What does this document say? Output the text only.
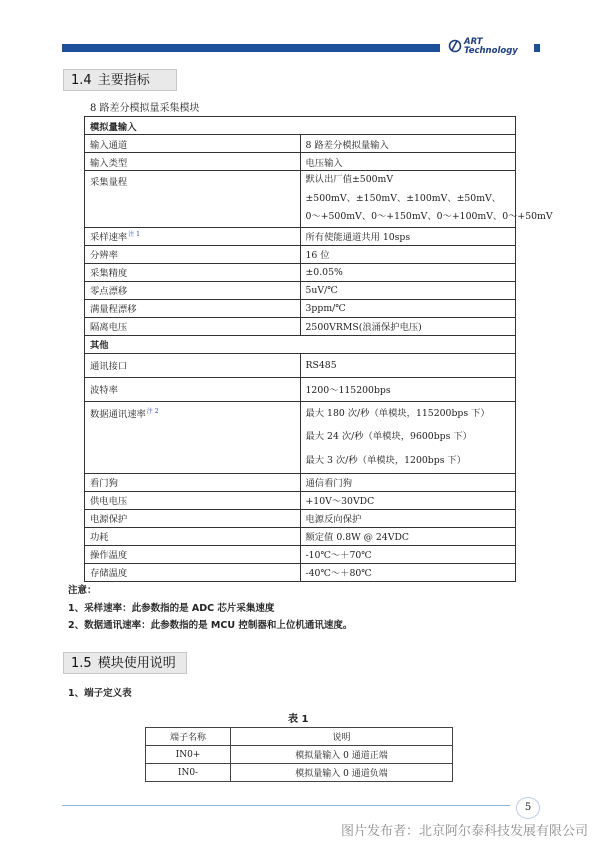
ART
Technology
1.4 主要指标
8 路差分模拟量采集模块
模拟量输入	
输入通道	8 路差分模拟量输入
输入类型	电压输入
采集量程	默认出厂值±500mV
±500mV、±150mV、±100mV、±50mV、
0～+500mV、0～+150mV、0～+100mV、0～+50mV

采样速率$^{注 1}$	所有使能通道共用 10sps
分辨率	16 位
采集精度	±0.05%
零点漂移	5uV/℃
满量程漂移	3ppm/℃
隔离电压	2500VRMS(浪涌保护电压)
其他	
通讯接口	RS485
波特率	1200～115200bps
数据通讯速率$^{注 2}$	最大 180 次/秒（单模块，115200bps 下）
最大 24 次/秒（单模块，9600bps 下）
最大 3 次/秒（单模块，1200bps 下）

看门狗	通信看门狗
供电电压	+10V～30VDC
电源保护	电源反向保护
功耗	额定值 0.8W @ 24VDC
操作温度	-10℃～＋70℃
存储温度	-40℃～＋80℃
注意：
1、采样速率：此参数指的是 ADC 芯片采集速度
2、数据通讯速率：此参数指的是 MCU 控制器和上位机通讯速度。
1.5 模块使用说明
1、端子定义表
表 1
端子名称	说明
IN0+	模拟量输入 0 通道正端
IN0-	模拟量输入 0 通道负端
5
图片发布者：北京阿尔泰科技发展有限公司
